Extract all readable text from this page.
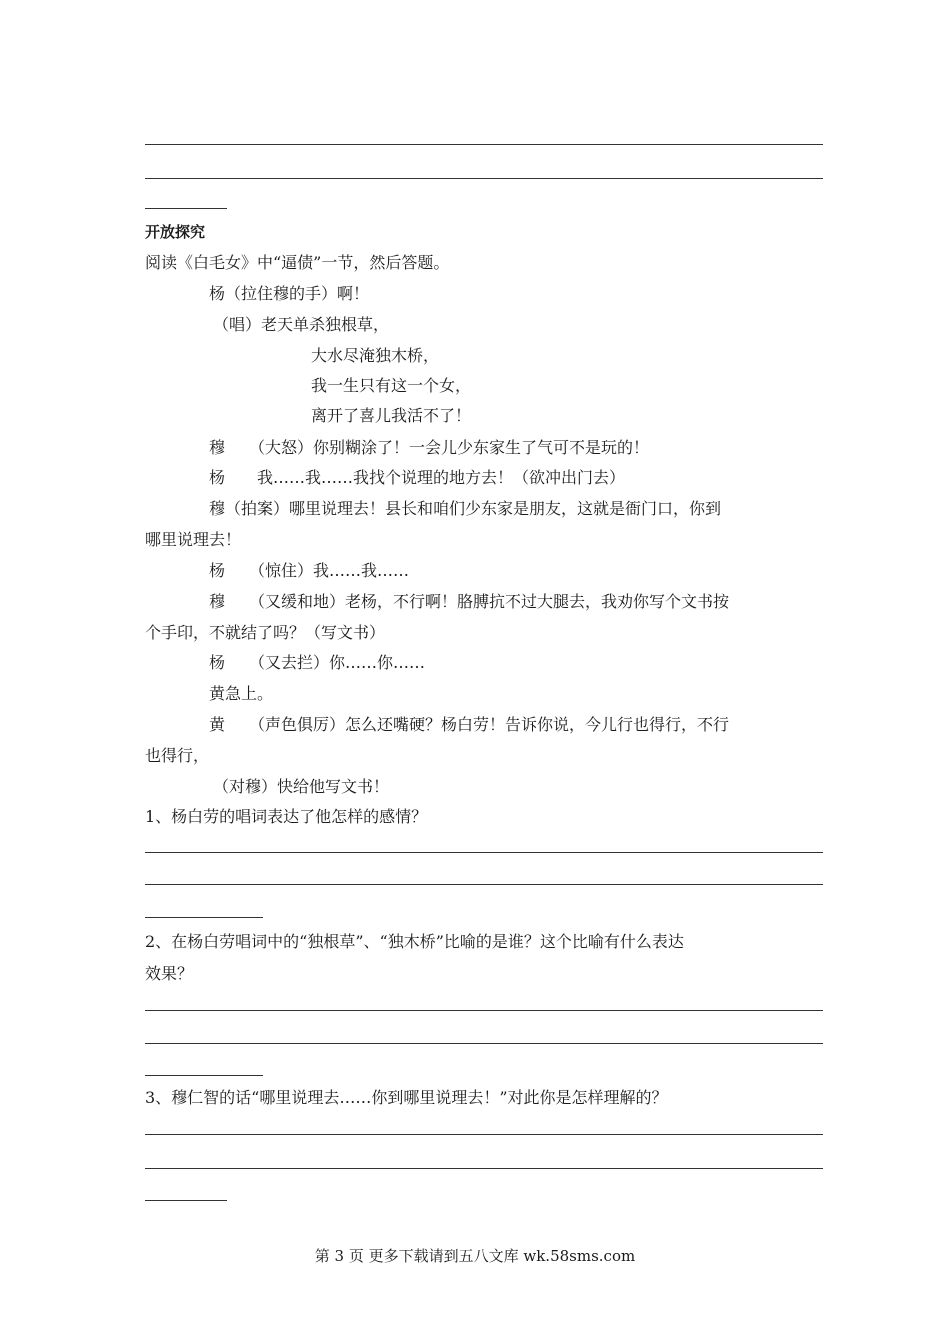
开放探究
阅读《白毛女》中“逼债”一节，然后答题。
杨（拉住穆的手）啊！
（唱）老天单杀独根草，
大水尽淹独木桥，
我一生只有这一个女，
离开了喜儿我活不了！
穆　　（大怒）你别糊涂了！一会儿少东家生了气可不是玩的！
杨　　我……我……我找个说理的地方去！（欲冲出门去）
穆（拍案）哪里说理去！县长和咱们少东家是朋友，这就是衙门口，你到
哪里说理去！
杨　　（惊住）我……我……
穆　　（又缓和地）老杨，不行啊！胳膊抗不过大腿去，我劝你写个文书按
个手印，不就结了吗？（写文书）
杨　　（又去拦）你……你……
黄急上。
黄　　（声色俱厉）怎么还嘴硬？杨白劳！告诉你说，今儿行也得行，不行
也得行，
（对穆）快给他写文书！
1、杨白劳的唱词表达了他怎样的感情？
2、在杨白劳唱词中的“独根草”、“独木桥”比喻的是谁？这个比喻有什么表达
效果？
3、穆仁智的话“哪里说理去……你到哪里说理去！”对此你是怎样理解的？
第 3 页 更多下载请到五八文库 wk.58sms.com
